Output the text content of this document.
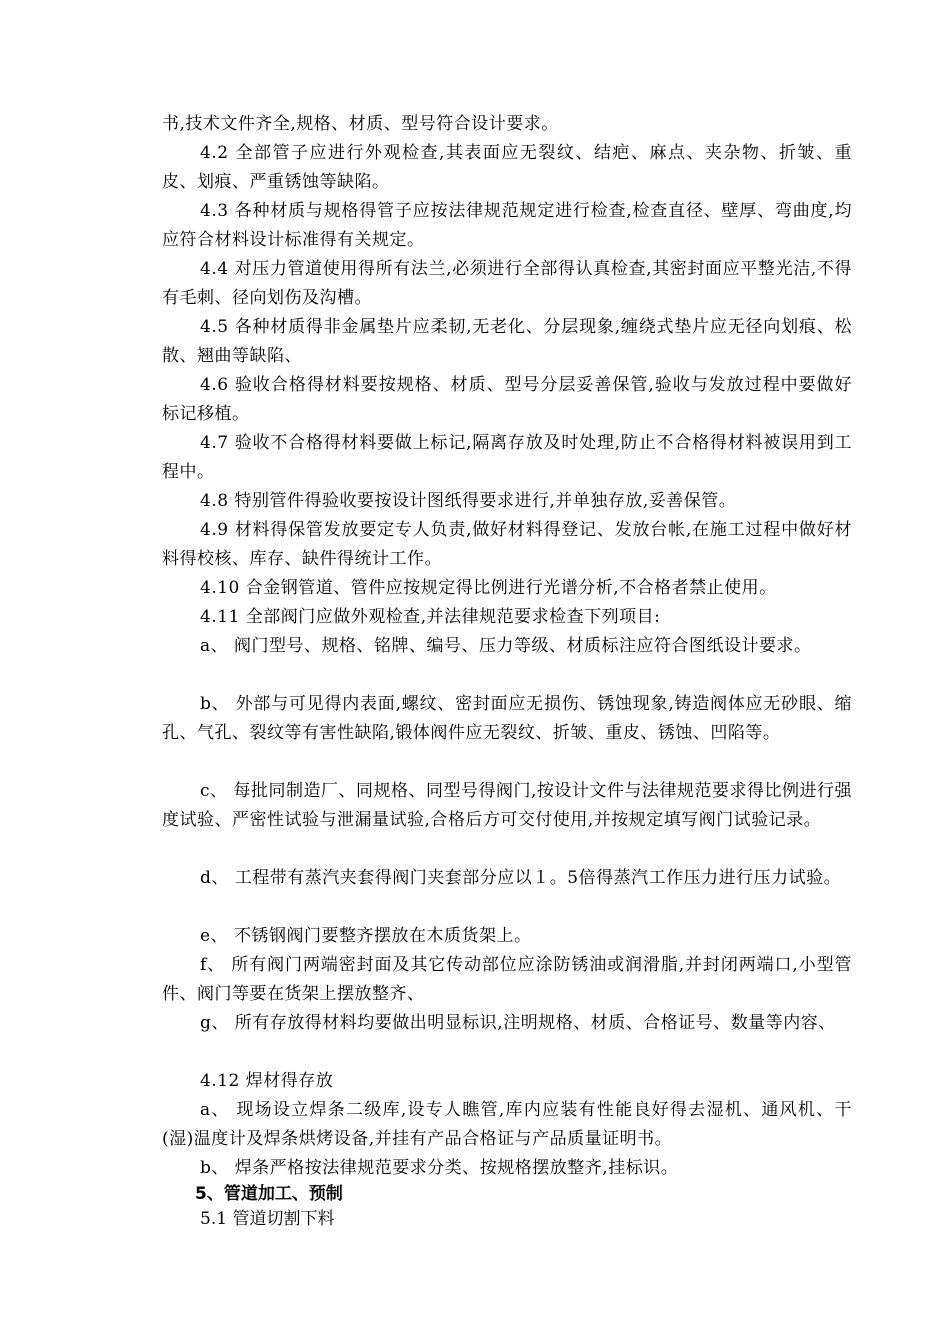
书,技术文件齐全,规格、材质、型号符合设计要求。

4.2 全部管子应进行外观检查,其表面应无裂纹、结疤、麻点、夹杂物、折皱、重皮、划痕、严重锈蚀等缺陷。

4.3 各种材质与规格得管子应按法律规范规定进行检查,检查直径、壁厚、弯曲度,均应符合材料设计标准得有关规定。

4.4 对压力管道使用得所有法兰,必须进行全部得认真检查,其密封面应平整光洁,不得有毛刺、径向划伤及沟槽。

4.5 各种材质得非金属垫片应柔韧,无老化、分层现象,缠绕式垫片应无径向划痕、松散、翘曲等缺陷、

4.6 验收合格得材料要按规格、材质、型号分层妥善保管,验收与发放过程中要做好标记移植。

4.7 验收不合格得材料要做上标记,隔离存放及时处理,防止不合格得材料被误用到工程中。

4.8 特别管件得验收要按设计图纸得要求进行,并单独存放,妥善保管。

4.9 材料得保管发放要定专人负责,做好材料得登记、发放台帐,在施工过程中做好材料得校核、库存、缺件得统计工作。

4.10 合金钢管道、管件应按规定得比例进行光谱分析,不合格者禁止使用。

4.11 全部阀门应做外观检查,并法律规范要求检查下列项目:

a、 阀门型号、规格、铭牌、编号、压力等级、材质标注应符合图纸设计要求。

b、 外部与可见得内表面,螺纹、密封面应无损伤、锈蚀现象,铸造阀体应无砂眼、缩孔、气孔、裂纹等有害性缺陷,锻体阀件应无裂纹、折皱、重皮、锈蚀、凹陷等。

c、 每批同制造厂、同规格、同型号得阀门,按设计文件与法律规范要求得比例进行强度试验、严密性试验与泄漏量试验,合格后方可交付使用,并按规定填写阀门试验记录。

d、 工程带有蒸汽夹套得阀门夹套部分应以１。5倍得蒸汽工作压力进行压力试验。

e、 不锈钢阀门要整齐摆放在木质货架上。

f、 所有阀门两端密封面及其它传动部位应涂防锈油或润滑脂,并封闭两端口,小型管件、阀门等要在货架上摆放整齐、

g、 所有存放得材料均要做出明显标识,注明规格、材质、合格证号、数量等内容、

4.12 焊材得存放

a、 现场设立焊条二级库,设专人瞧管,库内应装有性能良好得去湿机、通风机、干(湿)温度计及焊条烘烤设备,并挂有产品合格证与产品质量证明书。

b、 焊条严格按法律规范要求分类、按规格摆放整齐,挂标识。

5、管道加工、预制
5.1 管道切割下料
